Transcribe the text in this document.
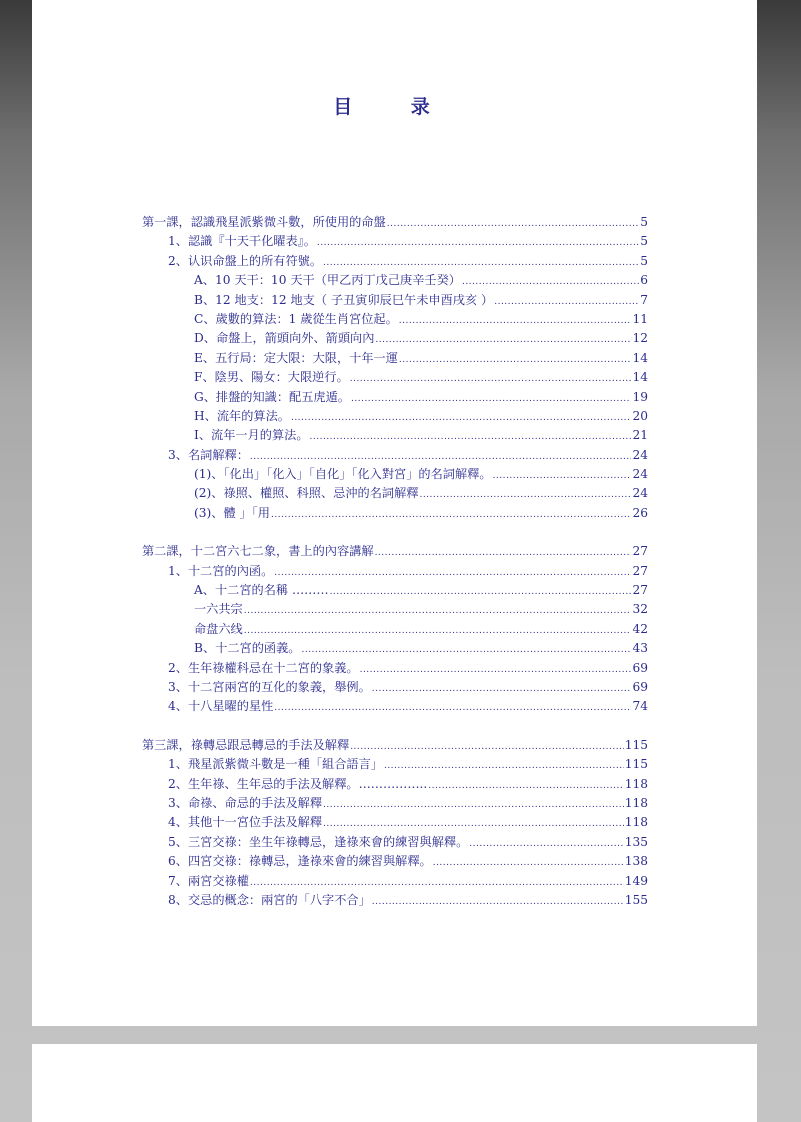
目 录
第一課，認識飛星派紫微斗數，所使用的命盤 .....	5
1、認識『十天干化曜表』。 .....	5
2、认识命盤上的所有符號。 .....	5
A、10 天干：10 天干（甲乙丙丁戊己庚辛壬癸） .....	6
B、12 地支：12 地支（ 子丑寅卯辰巳午未申酉戌亥 ） .....	7
C、歲數的算法：1 歲從生肖宮位起。 .....	11
D、命盤上，箭頭向外、箭頭向內 .....	12
E、五行局：定大限：大限，十年一運 .....	14
F、陰男、陽女：大限逆行。 .....	14
G、排盤的知識：配五虎遁。 .....	19
H、流年的算法。 .....	20
I、流年一月的算法。 .....	21
3、名詞解釋： .....	24
(1)、「化出」「化入」「自化」「化入對宮」的名詞解釋。 .....	24
(2)、祿照、權照、科照、忌沖的名詞解釋 .....	24
(3)、體 」「用 .....	26
第二課，十二宮六七二象，書上的內容講解 .....	27
1、十二宮的內函。 .....	27
A、十二宮的名稱 ……… .....	27
一六共宗 .....	32
命盘六线 .....	42
B、十二宮的函義。 .....	43
2、生年祿權科忌在十二宮的象義。 .....	69
3、十二宮兩宮的互化的象義，舉例。 .....	69
4、十八星曜的星性 .....	74
第三課，祿轉忌跟忌轉忌的手法及解釋 .....	115
1、飛星派紫微斗數是一種「組合語言」 .....	115
2、生年祿、生年忌的手法及解釋。…………….. .....	118
3、命祿、命忌的手法及解釋 .....	118
4、其他十一宮位手法及解釋 .....	118
5、三宮交祿：坐生年祿轉忌，逢祿來會的練習與解釋。 .....	135
6、四宮交祿：祿轉忌，逢祿來會的練習與解釋。 .....	138
7、兩宮交祿權 .....	149
8、交忌的概念：兩宮的「八字不合」 .....	155
